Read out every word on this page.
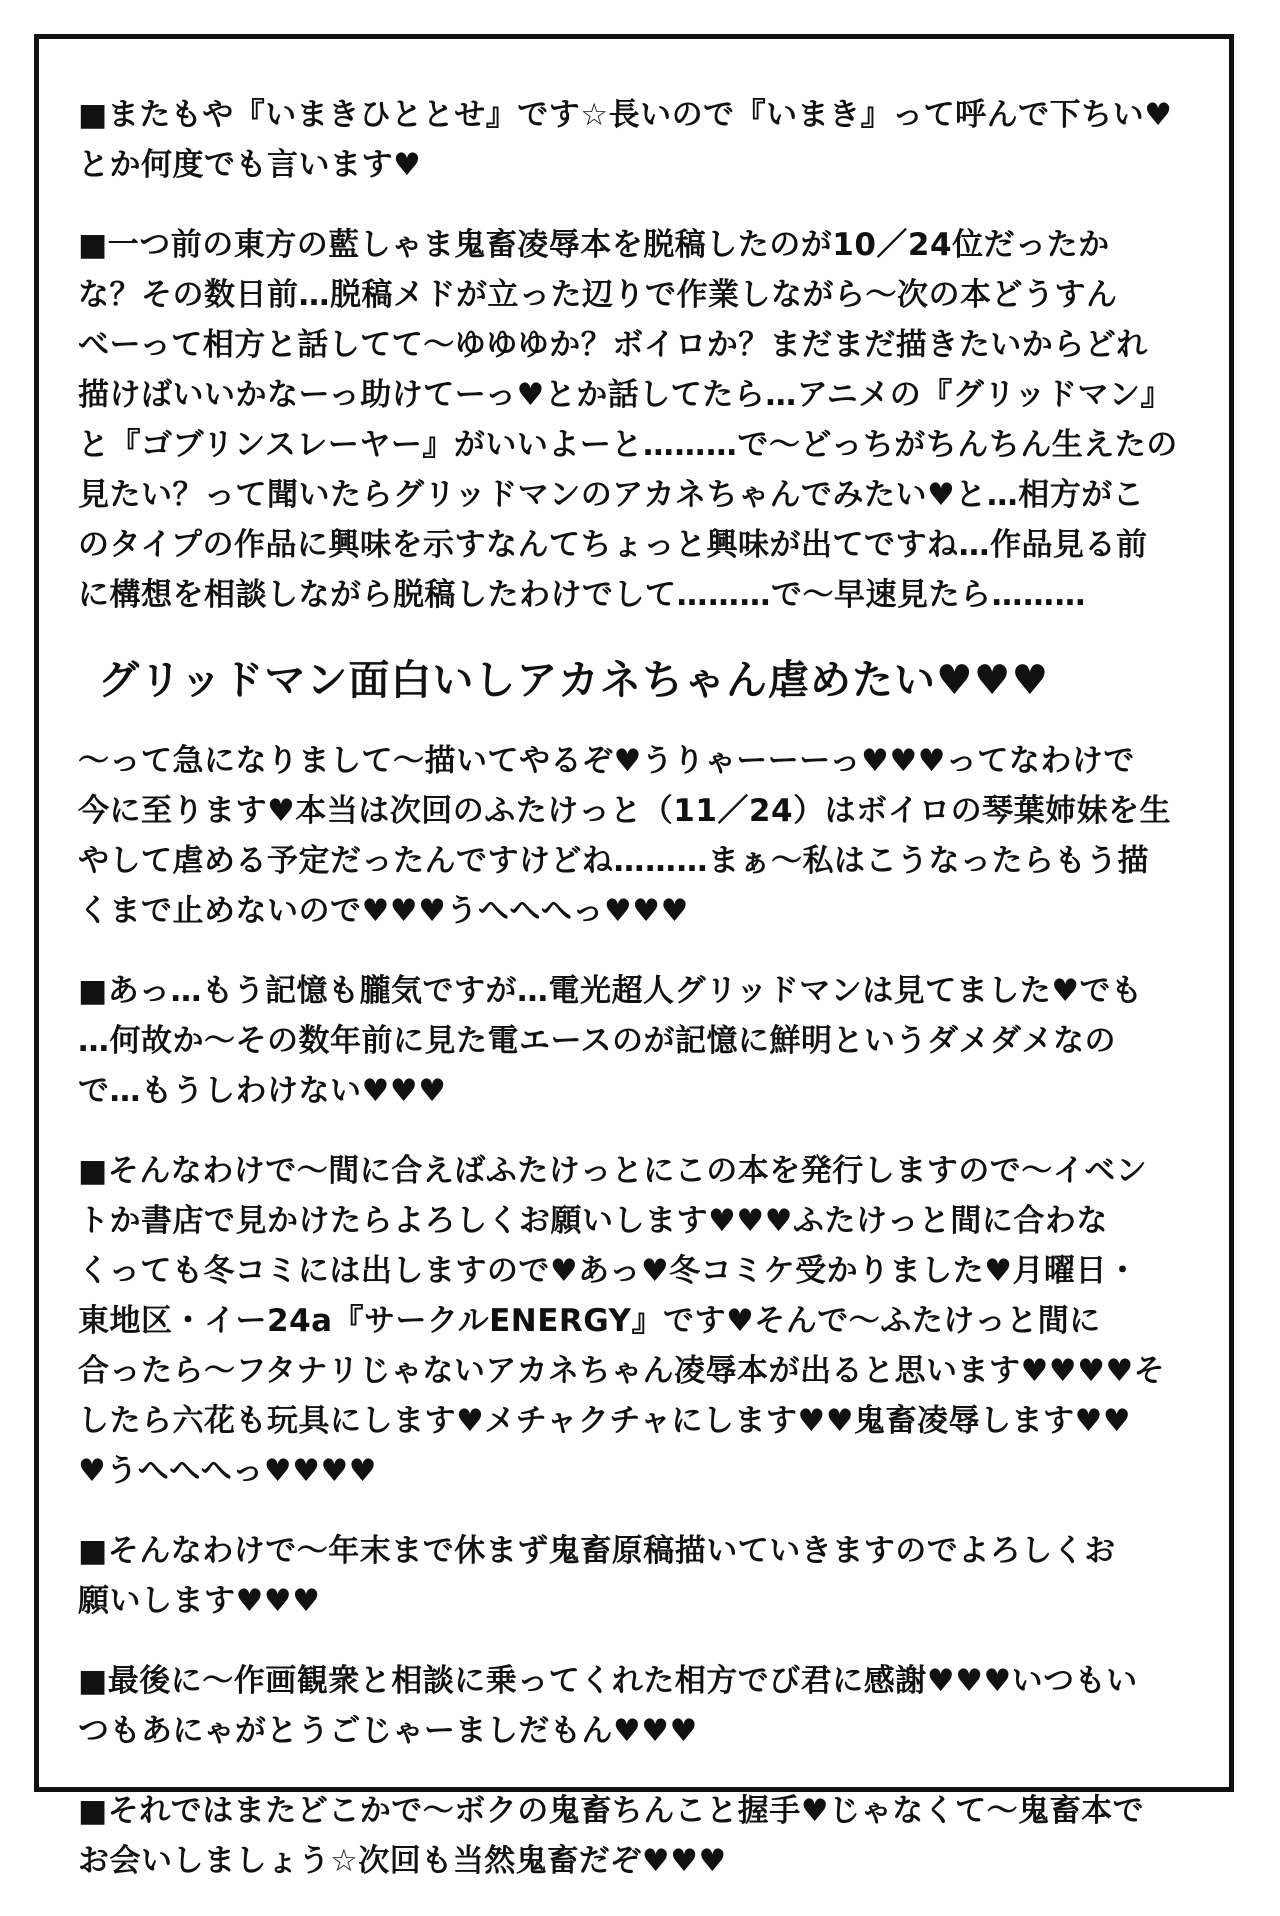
■またもや『いまきひととせ』です☆長いので『いまき』って呼んで下ちい♥
とか何度でも言います♥
■一つ前の東方の藍しゃま鬼畜凌辱本を脱稿したのが10／24位だったか
な？その数日前…脱稿メドが立った辺りで作業しながら～次の本どうすん
べーって相方と話してて～ゆゆゆか？ボイロか？まだまだ描きたいからどれ
描けばいいかなーっ助けてーっ♥とか話してたら…アニメの『グリッドマン』
と『ゴブリンスレーヤー』がいいよーと………で～どっちがちんちん生えたの
見たい？って聞いたらグリッドマンのアカネちゃんでみたい♥と…相方がこ
のタイプの作品に興味を示すなんてちょっと興味が出てですね…作品見る前
に構想を相談しながら脱稿したわけでして………で～早速見たら………
グリッドマン面白いしアカネちゃん虐めたい♥♥♥
～って急になりまして～描いてやるぞ♥うりゃーーーっ♥♥♥ってなわけで
今に至ります♥本当は次回のふたけっと（11／24）はボイロの琴葉姉妹を生
やして虐める予定だったんですけどね………まぁ～私はこうなったらもう描
くまで止めないので♥♥♥うへへへっ♥♥♥
■あっ…もう記憶も朧気ですが…電光超人グリッドマンは見てました♥でも
…何故か～その数年前に見た電エースのが記憶に鮮明というダメダメなの
で…もうしわけない♥♥♥
■そんなわけで～間に合えばふたけっとにこの本を発行しますので～イベン
トか書店で見かけたらよろしくお願いします♥♥♥ふたけっと間に合わな
くっても冬コミには出しますので♥あっ♥冬コミケ受かりました♥月曜日・
東地区・イー24a『サークルENERGY』です♥そんで～ふたけっと間に
合ったら～フタナリじゃないアカネちゃん凌辱本が出ると思います♥♥♥♥そ
したら六花も玩具にします♥メチャクチャにします♥♥鬼畜凌辱します♥♥
♥うへへへっ♥♥♥♥
■そんなわけで～年末まで休まず鬼畜原稿描いていきますのでよろしくお
願いします♥♥♥
■最後に～作画観衆と相談に乗ってくれた相方でび君に感謝♥♥♥いつもい
つもあにゃがとうごじゃーましだもん♥♥♥
■それではまたどこかで～ボクの鬼畜ちんこと握手♥じゃなくて～鬼畜本で
お会いしましょう☆次回も当然鬼畜だぞ♥♥♥
